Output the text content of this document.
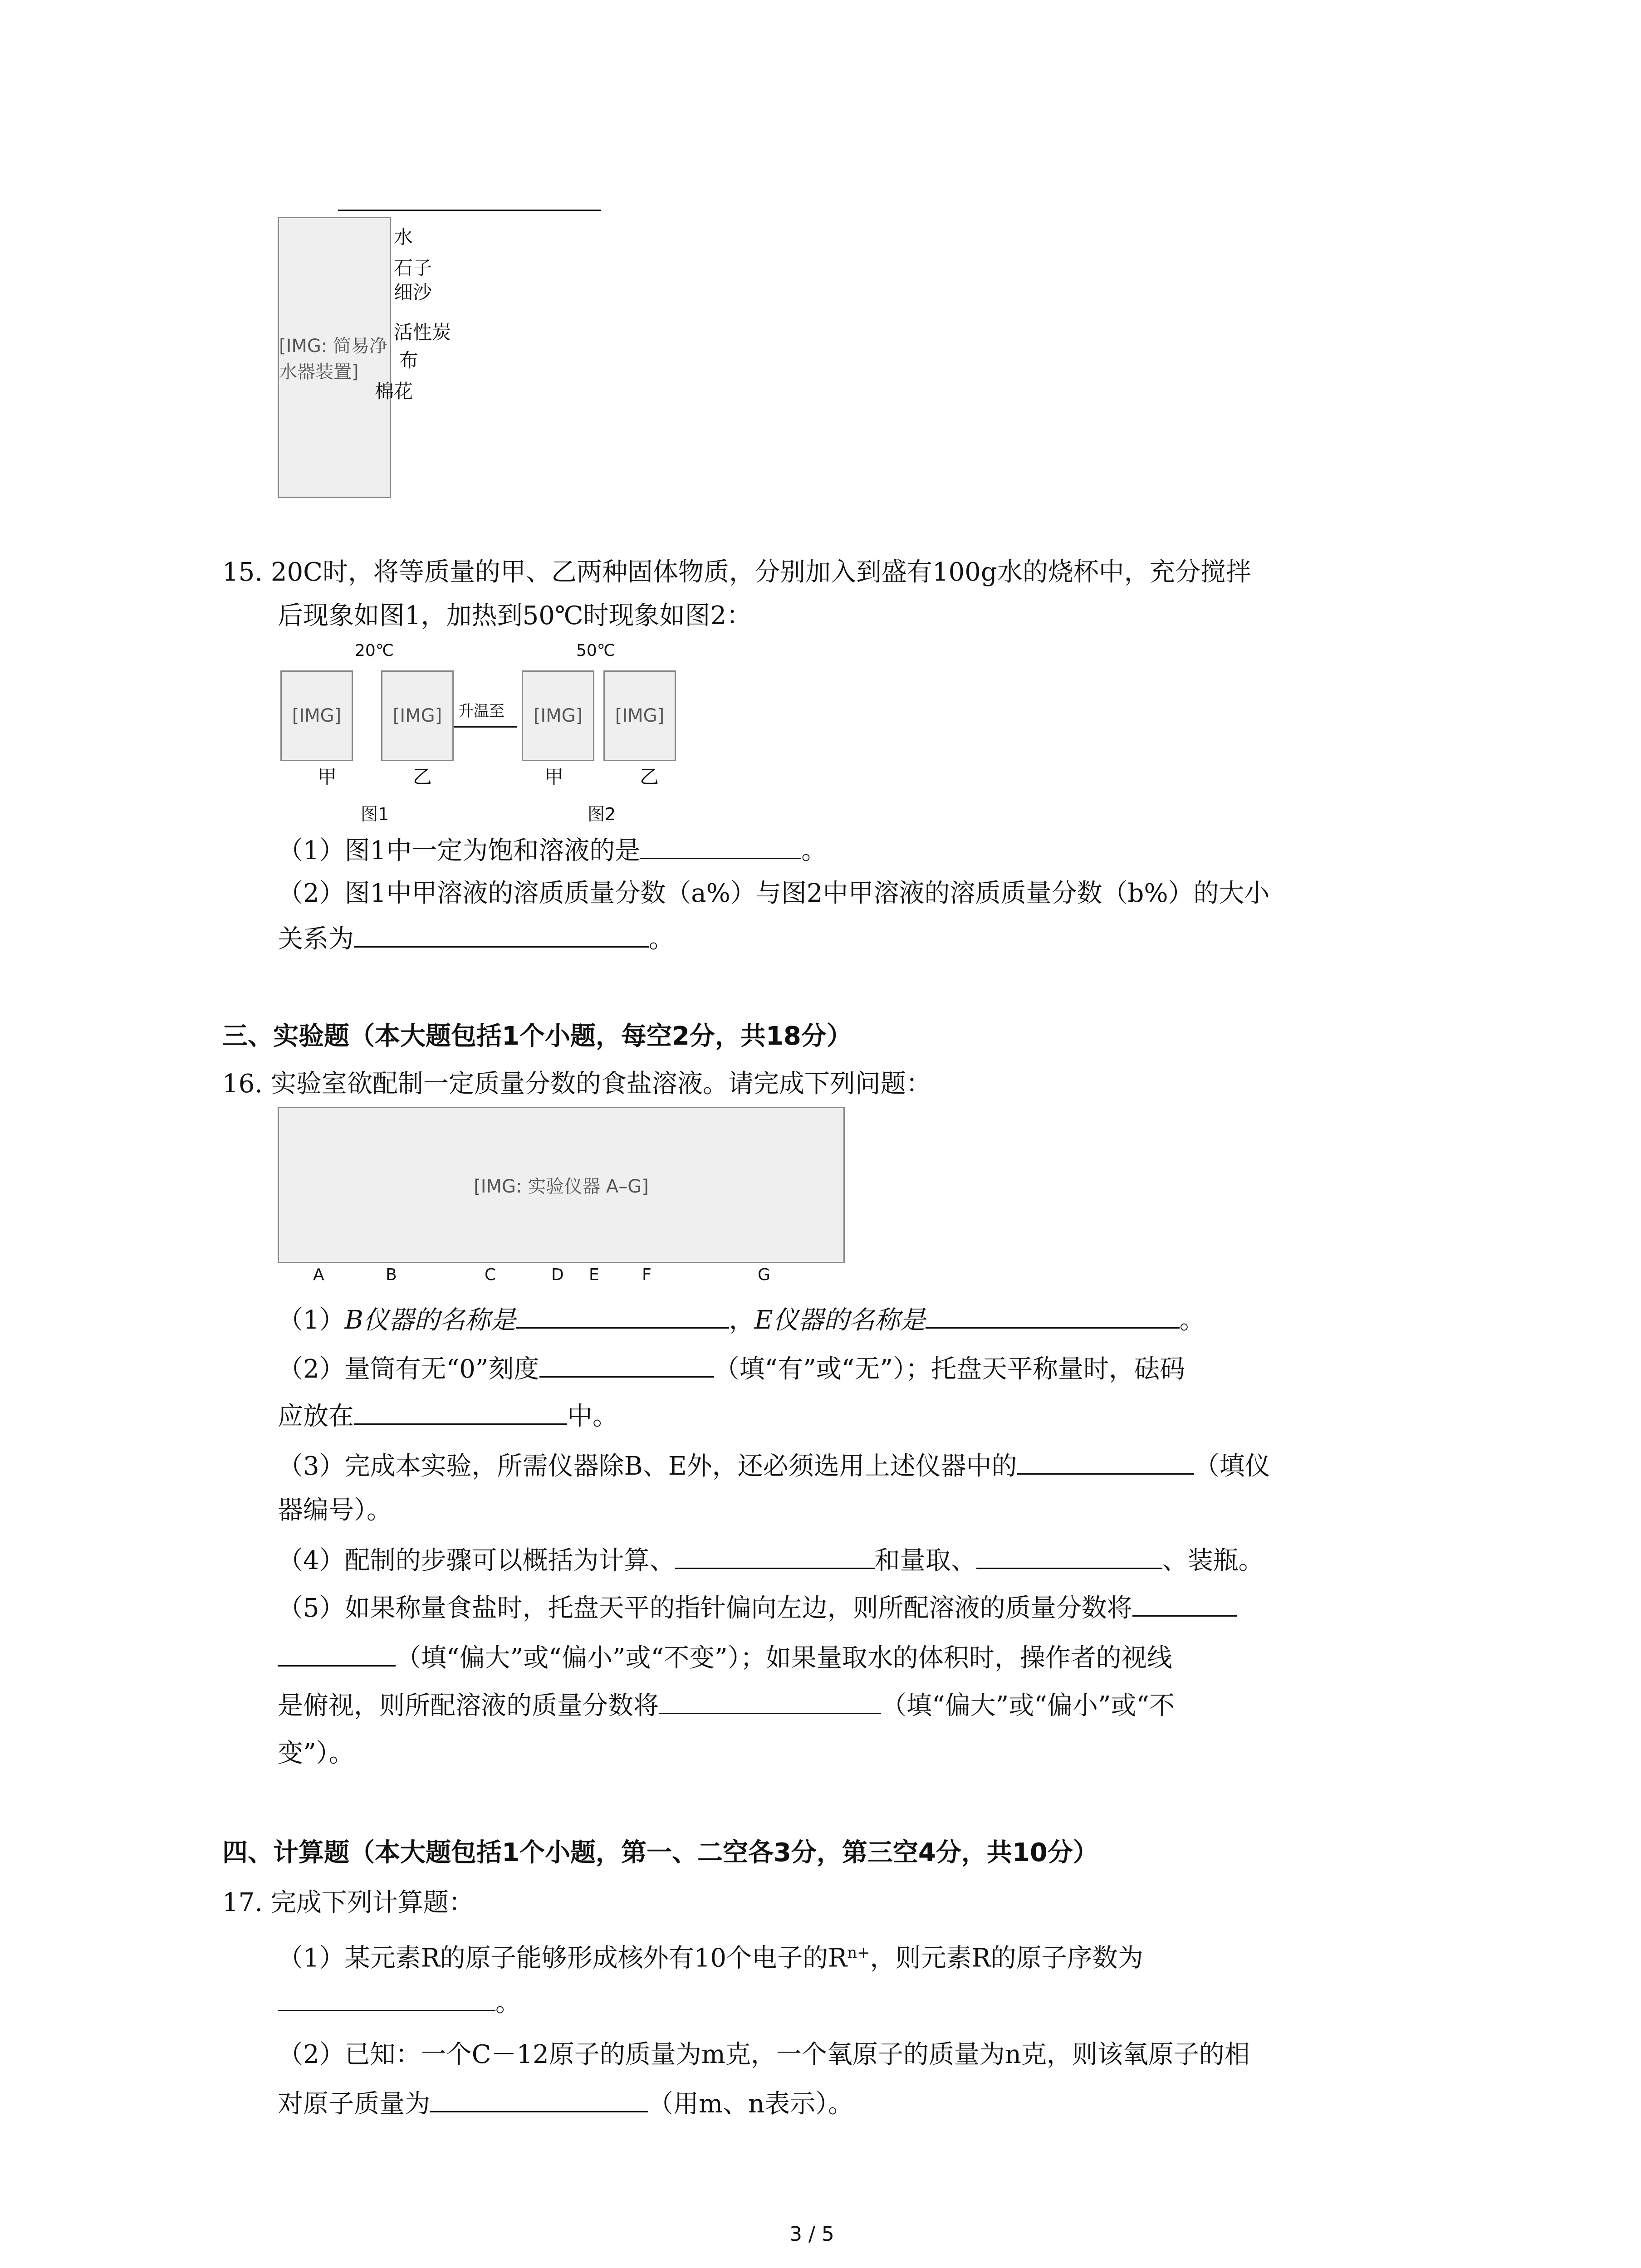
[IMG: 简易净水器装置]
水
石子
细沙
活性炭
布
棉花
15. 20C时，将等质量的甲、乙两种固体物质，分别加入到盛有100g水的烧杯中，充分搅拌
后现象如图1，加热到50℃时现象如图2：
20℃	50℃
[IMG]	[IMG]	升温至	[IMG]	[IMG]
甲	乙	甲	乙
图1	图2
（1）图1中一定为饱和溶液的是	。
（2）图1中甲溶液的溶质质量分数（a%）与图2中甲溶液的溶质质量分数（b%）的大小
关系为	。
三、实验题（本大题包括1个小题，每空2分，共18分）
16. 实验室欲配制一定质量分数的食盐溶液。请完成下列问题：
[IMG: 实验仪器 A–G]
A	B	C	D E	F	G
（1）B仪器的名称是	，E仪器的名称是	。
（2）量筒有无“0”刻度	（填“有”或“无”）；托盘天平称量时，砝码
应放在	中。
（3）完成本实验，所需仪器除B、E外，还必须选用上述仪器中的	（填仪
器编号）。
（4）配制的步骤可以概括为计算、	和量取、	、装瓶。
（5）如果称量食盐时，托盘天平的指针偏向左边，则所配溶液的质量分数将
（填“偏大”或“偏小”或“不变”）；如果量取水的体积时，操作者的视线
是俯视，则所配溶液的质量分数将	（填“偏大”或“偏小”或“不
变”）。
四、计算题（本大题包括1个小题，第一、二空各3分，第三空4分，共10分）
17. 完成下列计算题：
（1）某元素R的原子能够形成核外有10个电子的$R^{n+}$，则元素R的原子序数为
。
（2）已知：一个C－12原子的质量为m克，一个氧原子的质量为n克，则该氧原子的相
对原子质量为	（用m、n表示）。
3 / 5
